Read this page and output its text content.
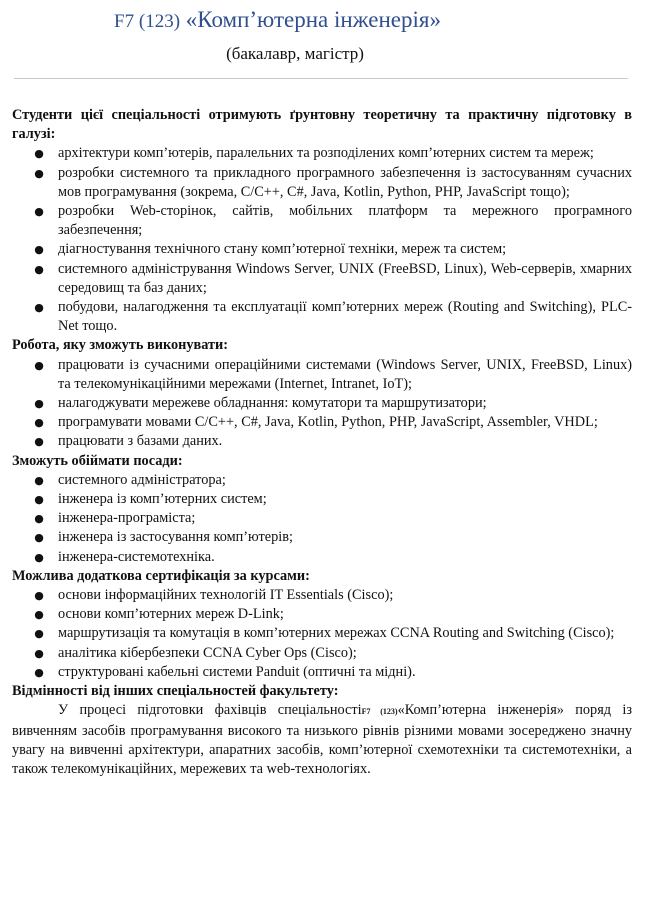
F7 (123) «Комп’ютерна інженерія»
(бакалавр, магістр)

Студенти цієї спеціальності отримують ґрунтовну теоретичну та практичну підготовку в галузі:

● архітектури комп’ютерів, паралельних та розподілених комп’ютерних систем та мереж;
● розробки системного та прикладного програмного забезпечення із застосуванням сучасних мов програмування (зокрема, C/C++, C#, Java, Kotlin, Python, PHP, JavaScript тощо);
● розробки Web-сторінок, сайтів, мобільних платформ та мережного програмного забезпечення;
● діагностування технічного стану комп’ютерної техніки, мереж та систем;
● системного адміністрування Windows Server, UNIX (FreeBSD, Linux), Web-серверів, хмарних середовищ та баз даних;
● побудови, налагодження та експлуатації комп’ютерних мереж (Routing and Switching), PLC-Net тощо.

Робота, яку зможуть виконувати:

● працювати із сучасними операційними системами (Windows Server, UNIX, FreeBSD, Linux) та телекомунікаційними мережами (Internet, Intranet, IoT);
● налагоджувати мережеве обладнання: комутатори та маршрутизатори;
● програмувати мовами C/C++, C#, Java, Kotlin, Python, PHP, JavaScript, Assembler, VHDL;
● працювати з базами даних.

Зможуть обіймати посади:

● системного адміністратора;
● інженера із комп’ютерних систем;
● інженера-програміста;
● інженера із застосування комп’ютерів;
● інженера-системотехніка.

Можлива додаткова сертифікація за курсами:

● основи інформаційних технологій IT Essentials (Cisco);
● основи комп’ютерних мереж D-Link;
● маршрутизація та комутація в комп’ютерних мережах CCNA Routing and Switching (Cisco);
● аналітика кібербезпеки CCNA Cyber Ops (Cisco);
● структуровані кабельні системи Panduit (оптичні та мідні).

Відмінності від інших спеціальностей факультету:

У процесі підготовки фахівців спеціальностіF7 (123)«Комп’ютерна інженерія» поряд із вивченням засобів програмування високого та низького рівнів різними мовами зосереджено значну увагу на вивченні архітектури, апаратних засобів, комп’ютерної схемотехніки та системотехніки, а також телекомунікаційних, мережевих та web-технологіях.
